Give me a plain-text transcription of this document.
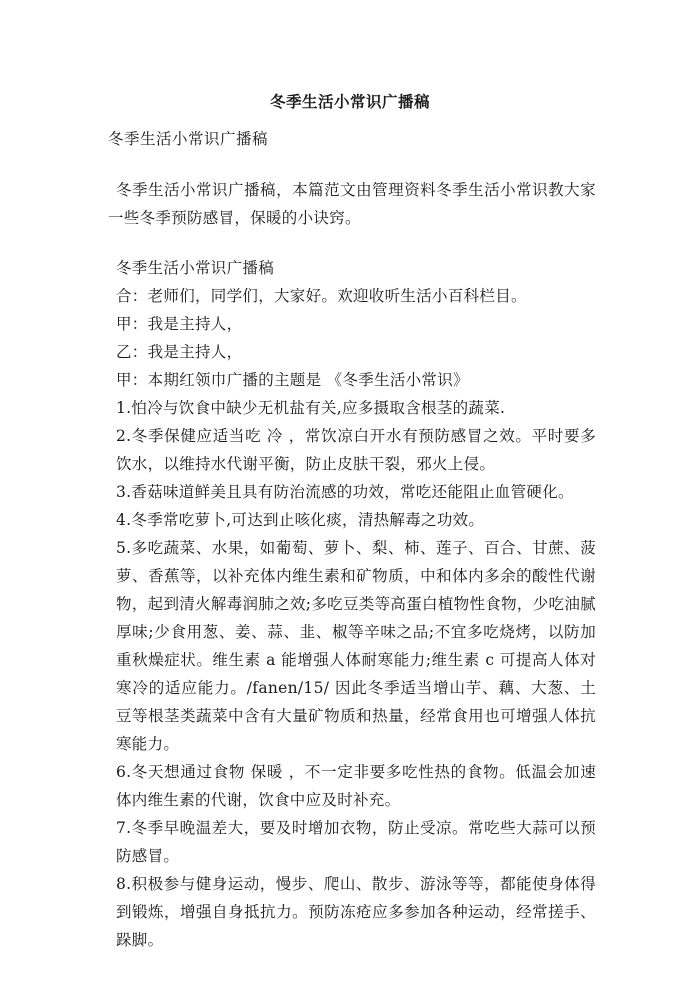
冬季生活小常识广播稿
冬季生活小常识广播稿
冬季生活小常识广播稿，本篇范文由管理资料冬季生活小常识教大家一些冬季预防感冒，保暖的小诀窍。

冬季生活小常识广播稿

合：老师们，同学们，大家好。欢迎收听生活小百科栏目。

甲：我是主持人，

乙：我是主持人，

甲：本期红领巾广播的主题是 《冬季生活小常识》

1.怕冷与饮食中缺少无机盐有关,应多摄取含根茎的蔬菜.

2.冬季保健应适当吃 冷 ，常饮凉白开水有预防感冒之效。平时要多饮水，以维持水代谢平衡，防止皮肤干裂，邪火上侵。

3.香菇味道鲜美且具有防治流感的功效，常吃还能阻止血管硬化。

4.冬季常吃萝卜,可达到止咳化痰，清热解毒之功效。

5.多吃蔬菜、水果，如葡萄、萝卜、梨、柿、莲子、百合、甘蔗、菠萝、香蕉等，以补充体内维生素和矿物质，中和体内多余的酸性代谢物，起到清火解毒润肺之效;多吃豆类等高蛋白植物性食物，少吃油腻厚味;少食用葱、姜、蒜、韭、椒等辛味之品;不宜多吃烧烤，以防加重秋燥症状。维生素 a 能增强人体耐寒能力;维生素 c 可提高人体对寒冷的适应能力。/fanen/15/ 因此冬季适当增山芋、藕、大葱、土豆等根茎类蔬菜中含有大量矿物质和热量，经常食用也可增强人体抗寒能力。

6.冬天想通过食物 保暖 ，不一定非要多吃性热的食物。低温会加速体内维生素的代谢，饮食中应及时补充。

7.冬季早晚温差大，要及时增加衣物，防止受凉。常吃些大蒜可以预防感冒。

8.积极参与健身运动，慢步、爬山、散步、游泳等等，都能使身体得到锻炼，增强自身抵抗力。预防冻疮应多参加各种运动，经常搓手、跺脚。
